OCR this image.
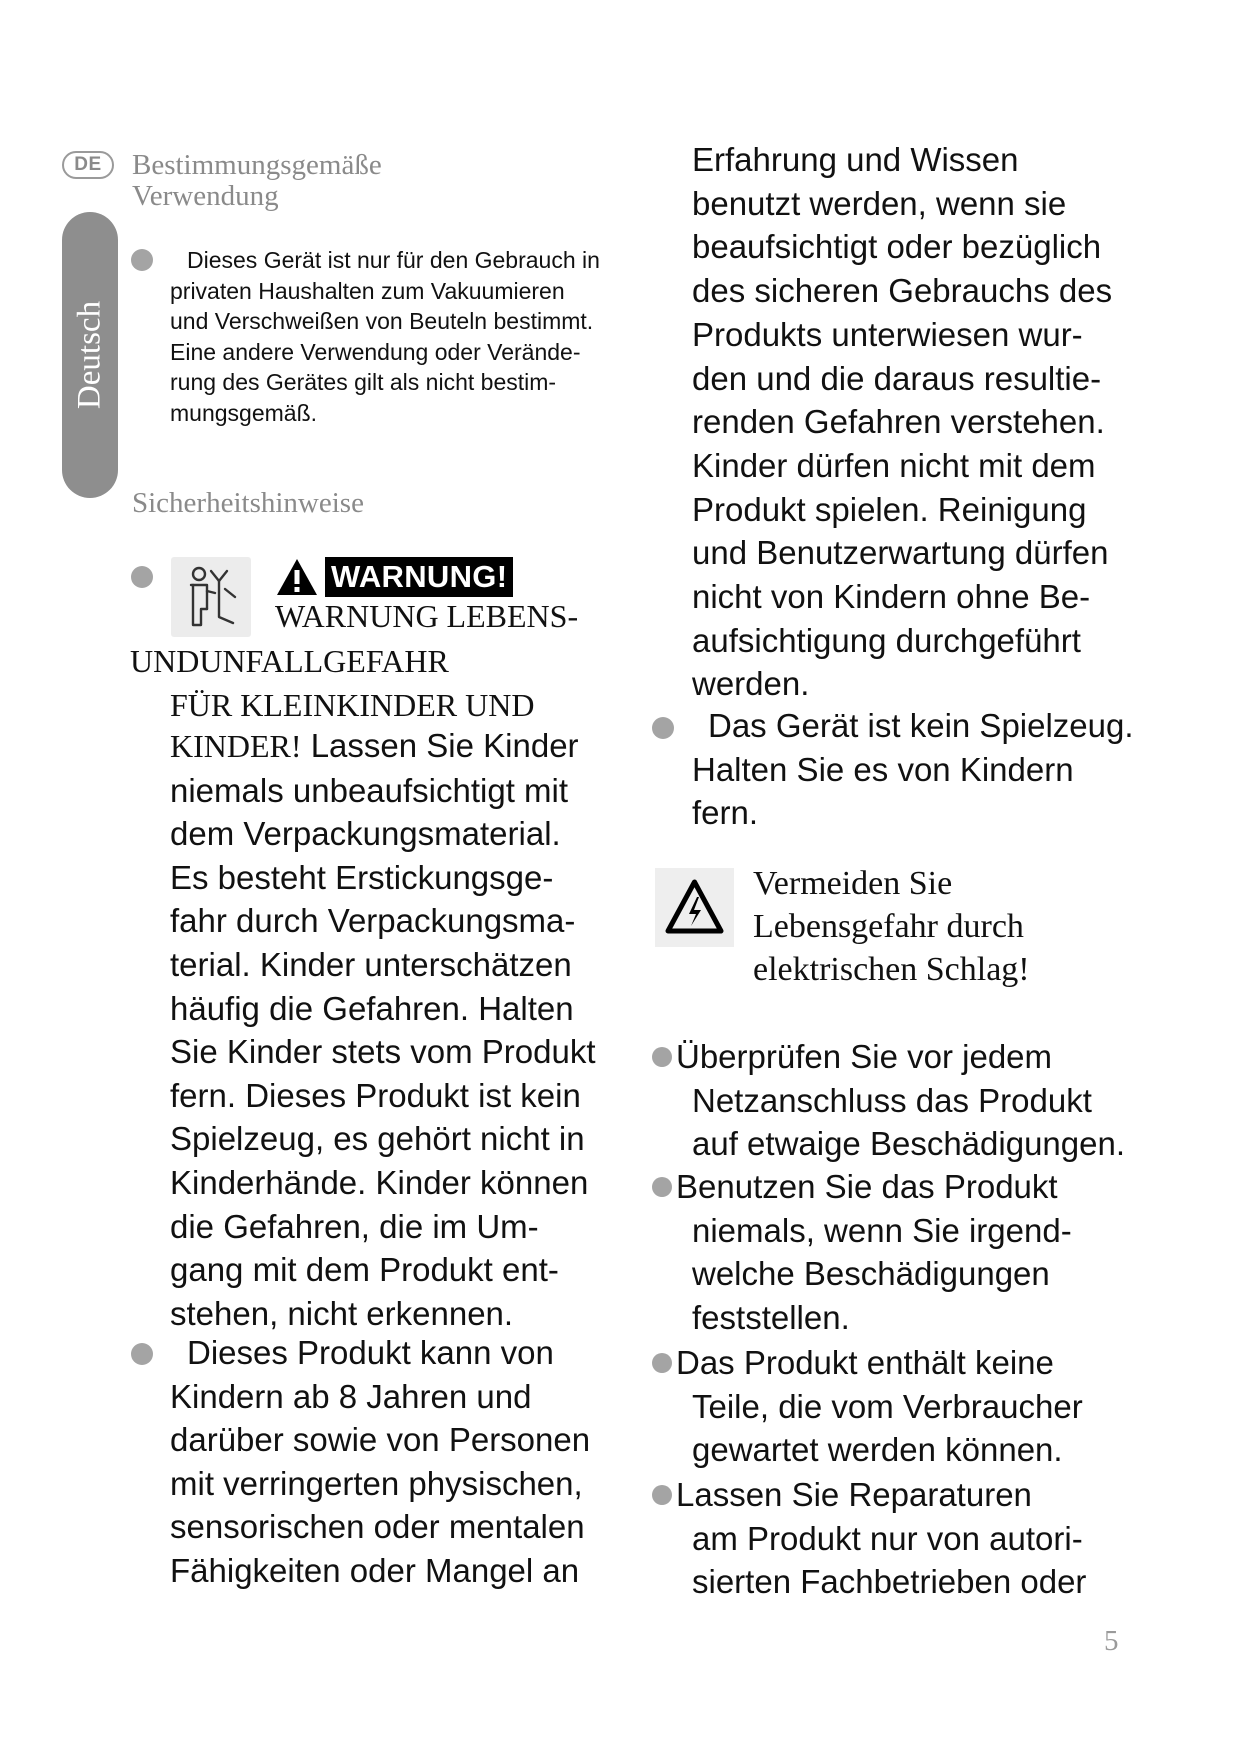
DE
Deutsch
Bestimmungsgemäße
Verwendung
Dieses Gerät ist nur für den Gebrauch in
privaten Haushalten zum Vakuumieren
und Verschweißen von Beuteln bestimmt.
Eine andere Verwendung oder Verände-
rung des Gerätes gilt als nicht bestim-
mungsgemäß.
Sicherheitshinweise
WARNUNG!
WARNUNG LEBENS-
UNDUNFALLGEFAHR
FÜR KLEINKINDER UND
KINDER! Lassen Sie Kinder
niemals unbeaufsichtigt mit
dem Verpackungsmaterial.
Es besteht Erstickungsge-
fahr durch Verpackungsma-
terial. Kinder unterschätzen
häufig die Gefahren. Halten
Sie Kinder stets vom Produkt
fern. Dieses Produkt ist kein
Spielzeug, es gehört nicht in
Kinderhände. Kinder können
die Gefahren, die im Um-
gang mit dem Produkt ent-
stehen, nicht erkennen.
Dieses Produkt kann von
Kindern ab 8 Jahren und
darüber sowie von Personen
mit verringerten physischen,
sensorischen oder mentalen
Fähigkeiten oder Mangel an
Erfahrung und Wissen
benutzt werden, wenn sie
beaufsichtigt oder bezüglich
des sicheren Gebrauchs des
Produkts unterwiesen wur-
den und die daraus resultie-
renden Gefahren verstehen.
Kinder dürfen nicht mit dem
Produkt spielen. Reinigung
und Benutzerwartung dürfen
nicht von Kindern ohne Be-
aufsichtigung durchgeführt
werden.
Das Gerät ist kein Spielzeug.
Halten Sie es von Kindern
fern.
Vermeiden Sie
Lebensgefahr durch
elektrischen Schlag!
Überprüfen Sie vor jedem
Netzanschluss das Produkt
auf etwaige Beschädigungen.
Benutzen Sie das Produkt
niemals, wenn Sie irgend-
welche Beschädigungen
feststellen.
Das Produkt enthält keine
Teile, die vom Verbraucher
gewartet werden können.
Lassen Sie Reparaturen
am Produkt nur von autori-
sierten Fachbetrieben oder
5
